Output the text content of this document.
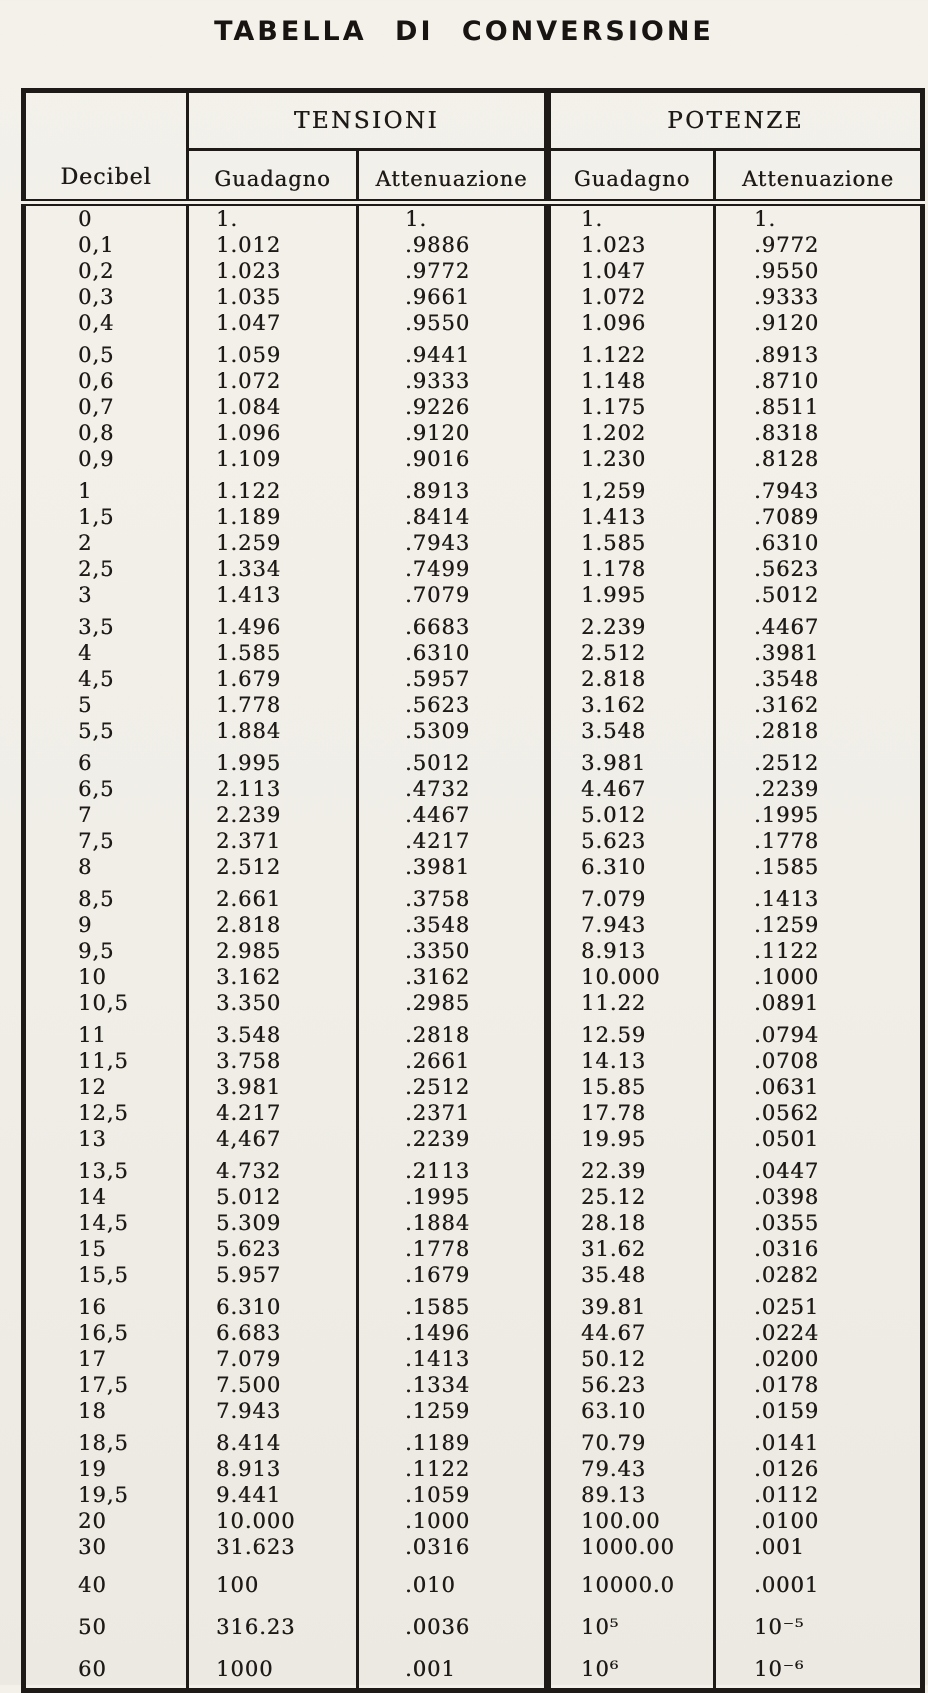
TABELLA DI CONVERSIONE
Decibel	TENSIONI		POTENZE	
	Guadagno	Attenuazione	Guadagno	Attenuazione
0	1.	1.	1.	1.
0,1	1.012	.9886	1.023	.9772
0,2	1.023	.9772	1.047	.9550
0,3	1.035	.9661	1.072	.9333
0,4	1.047	.9550	1.096	.9120
0,5	1.059	.9441	1.122	.8913
0,6	1.072	.9333	1.148	.8710
0,7	1.084	.9226	1.175	.8511
0,8	1.096	.9120	1.202	.8318
0,9	1.109	.9016	1.230	.8128
1	1.122	.8913	1,259	.7943
1,5	1.189	.8414	1.413	.7089
2	1.259	.7943	1.585	.6310
2,5	1.334	.7499	1.178	.5623
3	1.413	.7079	1.995	.5012
3,5	1.496	.6683	2.239	.4467
4	1.585	.6310	2.512	.3981
4,5	1.679	.5957	2.818	.3548
5	1.778	.5623	3.162	.3162
5,5	1.884	.5309	3.548	.2818
6	1.995	.5012	3.981	.2512
6,5	2.113	.4732	4.467	.2239
7	2.239	.4467	5.012	.1995
7,5	2.371	.4217	5.623	.1778
8	2.512	.3981	6.310	.1585
8,5	2.661	.3758	7.079	.1413
9	2.818	.3548	7.943	.1259
9,5	2.985	.3350	8.913	.1122
10	3.162	.3162	10.000	.1000
10,5	3.350	.2985	11.22	.0891
11	3.548	.2818	12.59	.0794
11,5	3.758	.2661	14.13	.0708
12	3.981	.2512	15.85	.0631
12,5	4.217	.2371	17.78	.0562
13	4,467	.2239	19.95	.0501
13,5	4.732	.2113	22.39	.0447
14	5.012	.1995	25.12	.0398
14,5	5.309	.1884	28.18	.0355
15	5.623	.1778	31.62	.0316
15,5	5.957	.1679	35.48	.0282
16	6.310	.1585	39.81	.0251
16,5	6.683	.1496	44.67	.0224
17	7.079	.1413	50.12	.0200
17,5	7.500	.1334	56.23	.0178
18	7.943	.1259	63.10	.0159
18,5	8.414	.1189	70.79	.0141
19	8.913	.1122	79.43	.0126
19,5	9.441	.1059	89.13	.0112
20	10.000	.1000	100.00	.0100
30	31.623	.0316	1000.00	.001
40	100	.010	10000.0	.0001
50	316.23	.0036	10⁵	10⁻⁵
60	1000	.001	10⁶	10⁻⁶
